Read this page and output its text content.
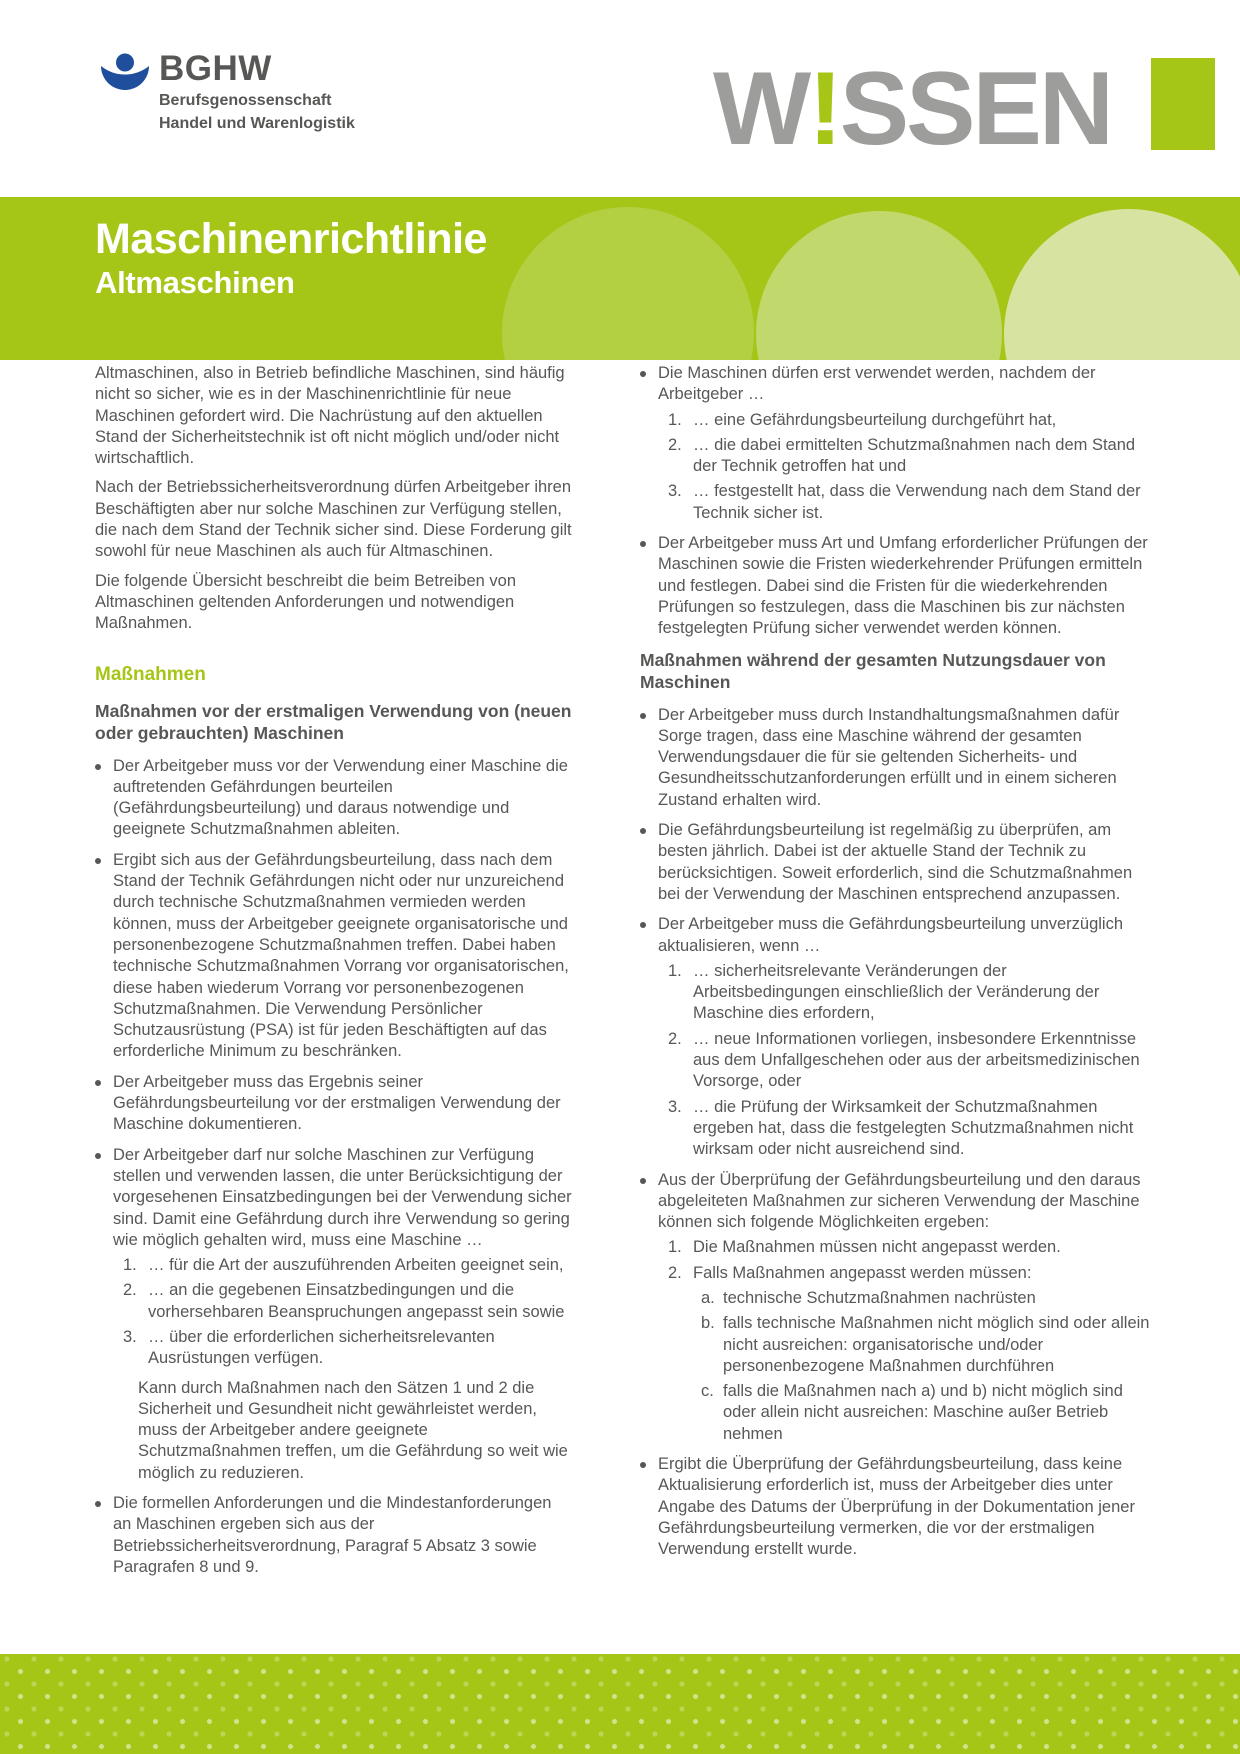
BGHW
Berufsgenossenschaft
Handel und Warenlogistik	W!SSEN
Maschinenrichtlinie
Altmaschinen

Altmaschinen, also in Betrieb befindliche Maschinen, sind häufig nicht so sicher, wie es in der Maschinenrichtlinie für neue Maschinen gefordert wird. Die Nachrüstung auf den aktuellen Stand der Sicherheitstechnik ist oft nicht möglich und/oder nicht wirtschaftlich.

Nach der Betriebssicherheitsverordnung dürfen Arbeitgeber ihren Beschäftigten aber nur solche Maschinen zur Verfügung stellen, die nach dem Stand der Technik sicher sind. Diese Forderung gilt sowohl für neue Maschinen als auch für Altmaschinen.

Die folgende Übersicht beschreibt die beim Betreiben von Altmaschinen geltenden Anforderungen und notwendigen Maßnahmen.

Maßnahmen
Maßnahmen vor der erstmaligen Verwendung von (neuen oder gebrauchten) Maschinen
Der Arbeitgeber muss vor der Verwendung einer Maschine die auftretenden Gefährdungen beurteilen (Gefährdungsbeurteilung) und daraus notwendige und geeignete Schutzmaßnahmen ableiten.
Ergibt sich aus der Gefährdungsbeurteilung, dass nach dem Stand der Technik Gefährdungen nicht oder nur unzureichend durch technische Schutzmaßnahmen vermieden werden können, muss der Arbeitgeber geeignete organisatorische und personenbezogene Schutzmaßnahmen treffen. Dabei haben technische Schutzmaßnahmen Vorrang vor organisatorischen, diese haben wiederum Vorrang vor personenbezogenen Schutzmaßnahmen. Die Verwendung Persönlicher Schutzausrüstung (PSA) ist für jeden Beschäftigten auf das erforderliche Minimum zu beschränken.
Der Arbeitgeber muss das Ergebnis seiner Gefährdungsbeurteilung vor der erstmaligen Verwendung der Maschine dokumentieren.
Der Arbeitgeber darf nur solche Maschinen zur Verfügung stellen und verwenden lassen, die unter Berücksichtigung der vorgesehenen Einsatzbedingungen bei der Verwendung sicher sind. Damit eine Gefährdung durch ihre Verwendung so gering wie möglich gehalten wird, muss eine Maschine …
1. … für die Art der auszuführenden Arbeiten geeignet sein,
2. … an die gegebenen Einsatzbedingungen und die vorhersehbaren Beanspruchungen angepasst sein sowie
3. … über die erforderlichen sicherheitsrelevanten Ausrüstungen verfügen.

Kann durch Maßnahmen nach den Sätzen 1 und 2 die Sicherheit und Gesundheit nicht gewährleistet werden, muss der Arbeitgeber andere geeignete Schutzmaßnahmen treffen, um die Gefährdung so weit wie möglich zu reduzieren.

Die formellen Anforderungen und die Mindestanforderungen an Maschinen ergeben sich aus der Betriebssicherheitsverordnung, Paragraf 5 Absatz 3 sowie Paragrafen 8 und 9.
Die Maschinen dürfen erst verwendet werden, nachdem der Arbeitgeber …
1. … eine Gefährdungsbeurteilung durchgeführt hat,
2. … die dabei ermittelten Schutzmaßnahmen nach dem Stand der Technik getroffen hat und
3. … festgestellt hat, dass die Verwendung nach dem Stand der Technik sicher ist.
Der Arbeitgeber muss Art und Umfang erforderlicher Prüfungen der Maschinen sowie die Fristen wiederkehrender Prüfungen ermitteln und festlegen. Dabei sind die Fristen für die wiederkehrenden Prüfungen so festzulegen, dass die Maschinen bis zur nächsten festgelegten Prüfung sicher verwendet werden können.
Maßnahmen während der gesamten Nutzungsdauer von Maschinen
Der Arbeitgeber muss durch Instandhaltungsmaßnahmen dafür Sorge tragen, dass eine Maschine während der gesamten Verwendungsdauer die für sie geltenden Sicherheits- und Gesundheitsschutzanforderungen erfüllt und in einem sicheren Zustand erhalten wird.
Die Gefährdungsbeurteilung ist regelmäßig zu überprüfen, am besten jährlich. Dabei ist der aktuelle Stand der Technik zu berücksichtigen. Soweit erforderlich, sind die Schutzmaßnahmen bei der Verwendung der Maschinen entsprechend anzupassen.
Der Arbeitgeber muss die Gefährdungsbeurteilung unverzüglich aktualisieren, wenn …
1. … sicherheitsrelevante Veränderungen der Arbeitsbedingungen einschließlich der Veränderung der Maschine dies erfordern,
2. … neue Informationen vorliegen, insbesondere Erkenntnisse aus dem Unfallgeschehen oder aus der arbeitsmedizinischen Vorsorge, oder
3. … die Prüfung der Wirksamkeit der Schutzmaßnahmen ergeben hat, dass die festgelegten Schutzmaßnahmen nicht wirksam oder nicht ausreichend sind.
Aus der Überprüfung der Gefährdungsbeurteilung und den daraus abgeleiteten Maßnahmen zur sicheren Verwendung der Maschine können sich folgende Möglichkeiten ergeben:
1. Die Maßnahmen müssen nicht angepasst werden.
2. Falls Maßnahmen angepasst werden müssen:
a. technische Schutzmaßnahmen nachrüsten
b. falls technische Maßnahmen nicht möglich sind oder allein nicht ausreichen: organisatorische und/oder personenbezogene Maßnahmen durchführen
c. falls die Maßnahmen nach a) und b) nicht möglich sind oder allein nicht ausreichen: Maschine außer Betrieb nehmen
Ergibt die Überprüfung der Gefährdungsbeurteilung, dass keine Aktualisierung erforderlich ist, muss der Arbeitgeber dies unter Angabe des Datums der Überprüfung in der Dokumentation jener Gefährdungsbeurteilung vermerken, die vor der erstmaligen Verwendung erstellt wurde.
